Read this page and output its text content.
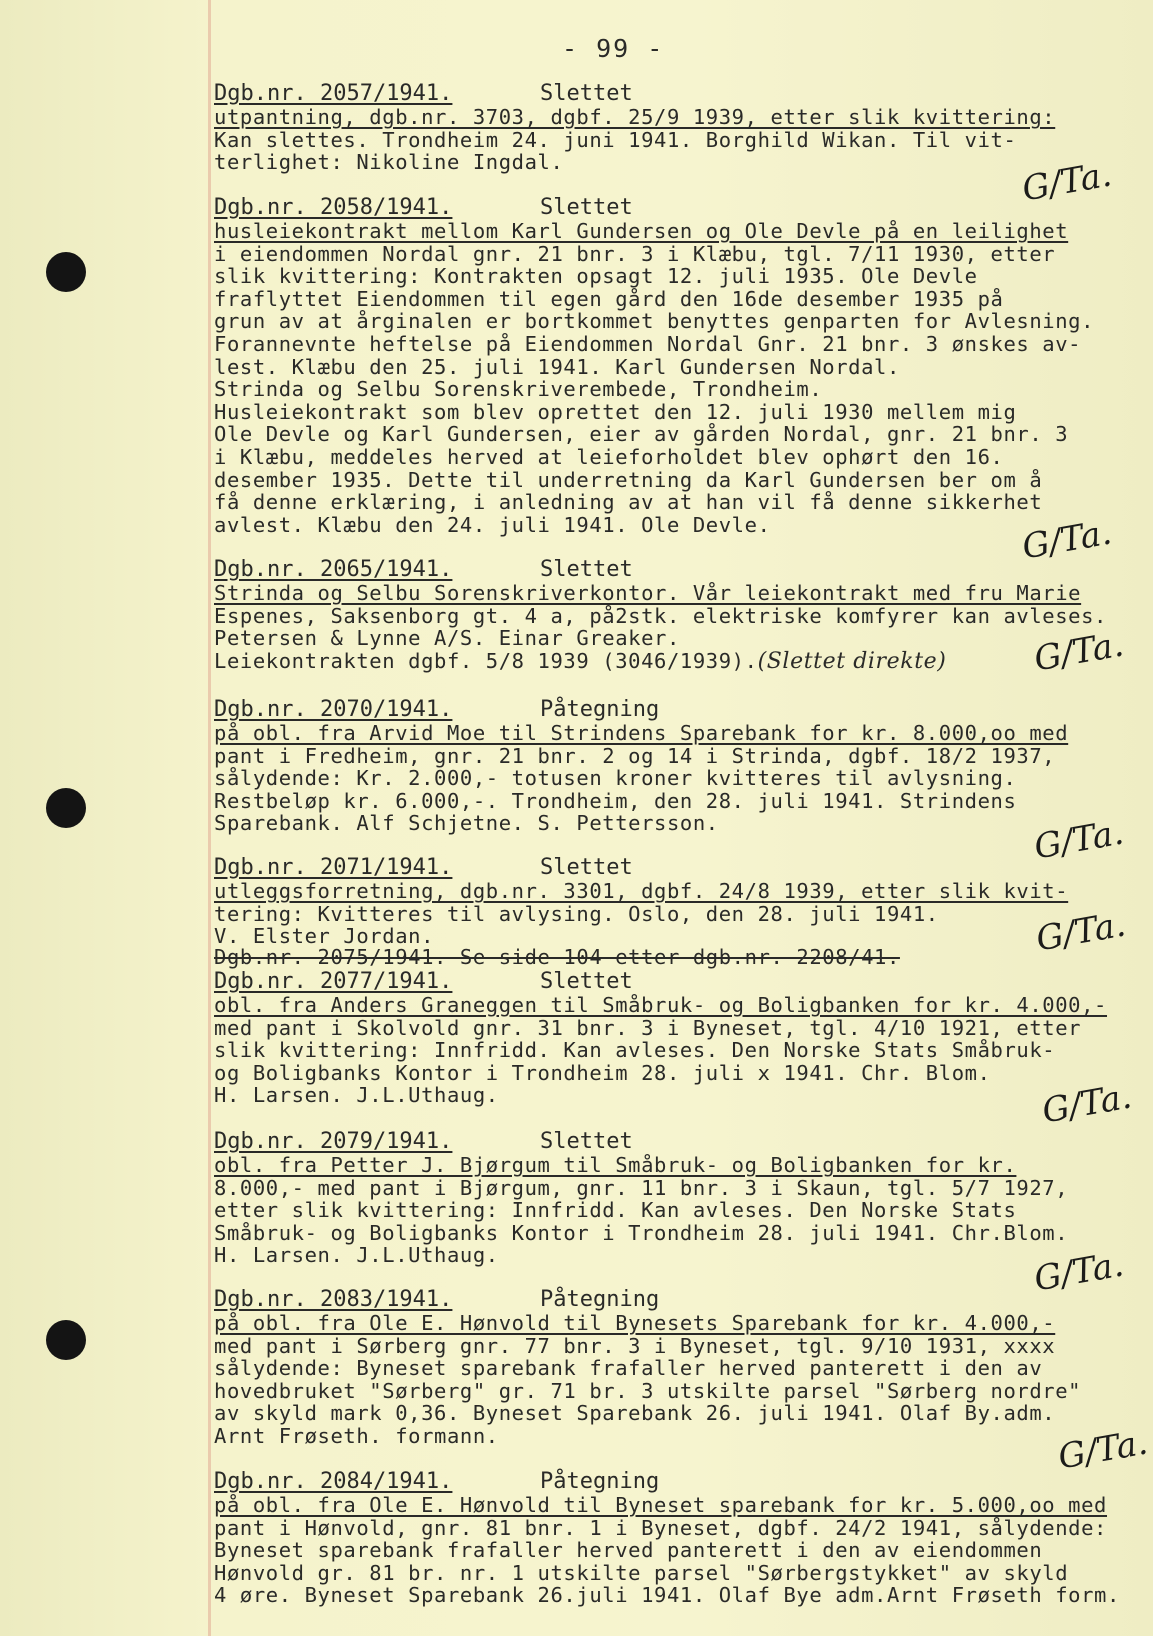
- 99 -
Dgb.nr. 2057/1941.	Slettet
utpantning, dgb.nr. 3703, dgbf. 25/9 1939, etter slik kvittering:
Kan slettes. Trondheim 24. juni 1941. Borghild Wikan. Til vit-
terlighet: Nikoline Ingdal.	G/Ta.
Dgb.nr. 2058/1941.	Slettet
husleiekontrakt mellom Karl Gundersen og Ole Devle på en leilighet
i eiendommen Nordal gnr. 21 bnr. 3 i Klæbu, tgl. 7/11 1930, etter
slik kvittering: Kontrakten opsagt 12. juli 1935. Ole Devle
fraflyttet Eiendommen til egen gård den 16de desember 1935 på
grun av at årginalen er bortkommet benyttes genparten for Avlesning.
Forannevnte heftelse på Eiendommen Nordal Gnr. 21 bnr. 3 ønskes av-
lest. Klæbu den 25. juli 1941. Karl Gundersen Nordal.
Strinda og Selbu Sorenskriverembede, Trondheim.
Husleiekontrakt som blev oprettet den 12. juli 1930 mellem mig
Ole Devle og Karl Gundersen, eier av gården Nordal, gnr. 21 bnr. 3
i Klæbu, meddeles herved at leieforholdet blev ophørt den 16.
desember 1935. Dette til underretning da Karl Gundersen ber om å
få denne erklæring, i anledning av at han vil få denne sikkerhet
avlest. Klæbu den 24. juli 1941. Ole Devle.	G/Ta.
Dgb.nr. 2065/1941.	Slettet
Strinda og Selbu Sorenskriverkontor. Vår leiekontrakt med fru Marie
Espenes, Saksenborg gt. 4 a, på2stk. elektriske komfyrer kan avleses.
Petersen & Lynne A/S. Einar Greaker.
Leiekontrakten dgbf. 5/8 1939 (3046/1939).(Slettet direkte)	G/Ta.
Dgb.nr. 2070/1941.	Påtegning
på obl. fra Arvid Moe til Strindens Sparebank for kr. 8.000,oo med
pant i Fredheim, gnr. 21 bnr. 2 og 14 i Strinda, dgbf. 18/2 1937,
sålydende: Kr. 2.000,- totusen kroner kvitteres til avlysning.
Restbeløp kr. 6.000,-. Trondheim, den 28. juli 1941. Strindens
Sparebank. Alf Schjetne. S. Pettersson.	G/Ta.
Dgb.nr. 2071/1941.	Slettet
utleggsforretning, dgb.nr. 3301, dgbf. 24/8 1939, etter slik kvit-
tering: Kvitteres til avlysing. Oslo, den 28. juli 1941.
V. Elster Jordan.	G/Ta.
Dgb.nr. 2075/1941. Se side 104 etter dgb.nr. 2208/41.
Dgb.nr. 2077/1941.	Slettet
obl. fra Anders Graneggen til Småbruk- og Boligbanken for kr. 4.000,-
med pant i Skolvold gnr. 31 bnr. 3 i Byneset, tgl. 4/10 1921, etter
slik kvittering: Innfridd. Kan avleses. Den Norske Stats Småbruk-
og Boligbanks Kontor i Trondheim 28. juli x 1941. Chr. Blom.
H. Larsen. J.L.Uthaug.	G/Ta.
Dgb.nr. 2079/1941.	Slettet
obl. fra Petter J. Bjørgum til Småbruk- og Boligbanken for kr.
8.000,- med pant i Bjørgum, gnr. 11 bnr. 3 i Skaun, tgl. 5/7 1927,
etter slik kvittering: Innfridd. Kan avleses. Den Norske Stats
Småbruk- og Boligbanks Kontor i Trondheim 28. juli 1941. Chr.Blom.
H. Larsen. J.L.Uthaug.	G/Ta.
Dgb.nr. 2083/1941.	Påtegning
på obl. fra Ole E. Hønvold til Bynesets Sparebank for kr. 4.000,-
med pant i Sørberg gnr. 77 bnr. 3 i Byneset, tgl. 9/10 1931, xxxx
sålydende: Byneset sparebank frafaller herved panterett i den av
hovedbruket "Sørberg" gr. 71 br. 3 utskilte parsel "Sørberg nordre"
av skyld mark 0,36. Byneset Sparebank 26. juli 1941. Olaf By.adm.
Arnt Frøseth. formann.	G/Ta.
Dgb.nr. 2084/1941.	Påtegning
på obl. fra Ole E. Hønvold til Byneset sparebank for kr. 5.000,oo med
pant i Hønvold, gnr. 81 bnr. 1 i Byneset, dgbf. 24/2 1941, sålydende:
Byneset sparebank frafaller herved panterett i den av eiendommen
Hønvold gr. 81 br. nr. 1 utskilte parsel "Sørbergstykket" av skyld
4 øre. Byneset Sparebank 26.juli 1941. Olaf Bye adm.Arnt Frøseth form.
